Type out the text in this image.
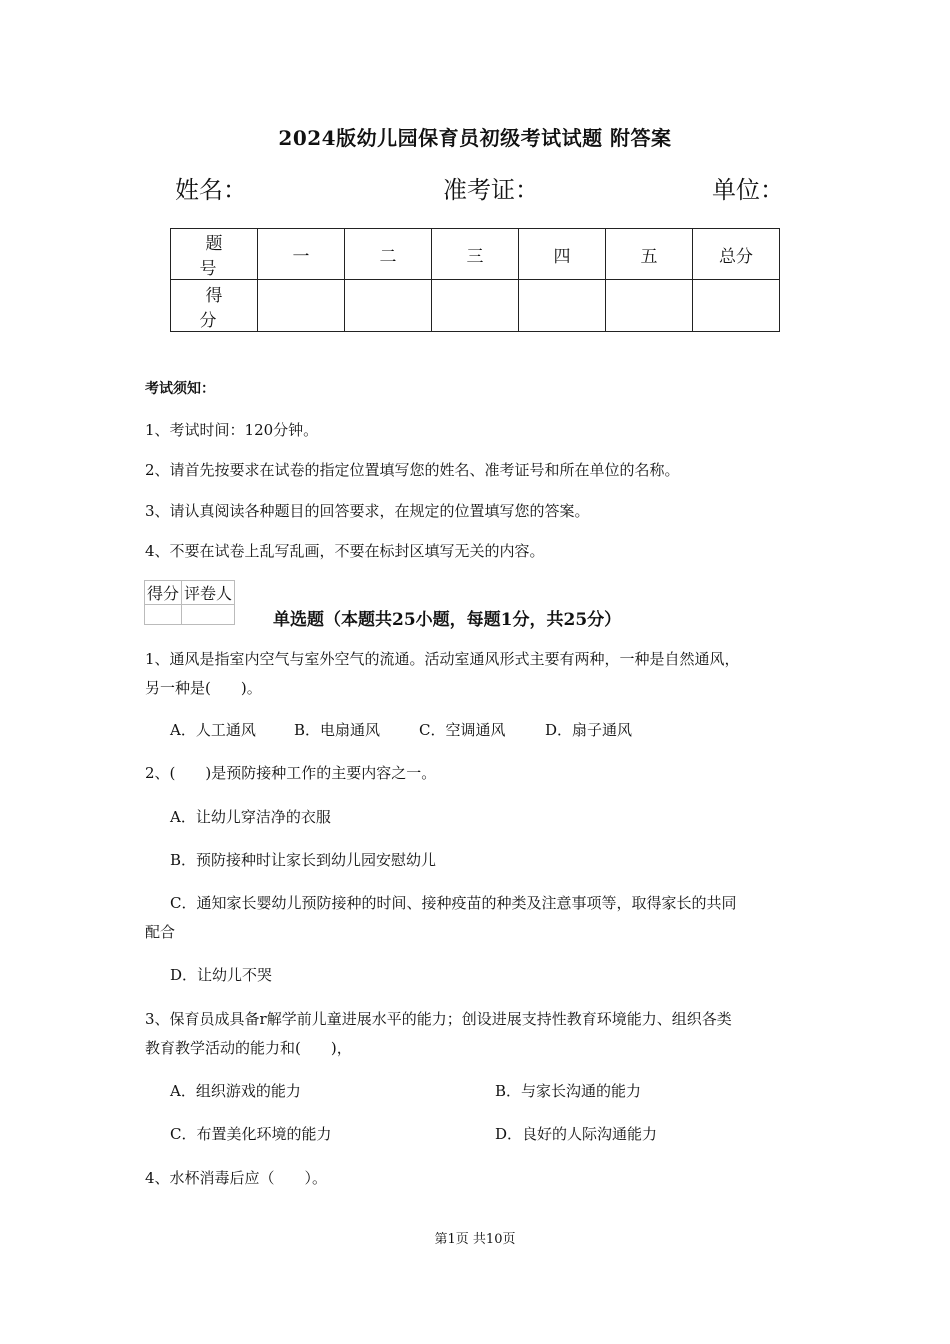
2024版幼儿园保育员初级考试试题 附答案
姓名：	准考证：	单位：
题　号	一	二	三	四	五	总分
得　分						
考试须知：
1、考试时间：120分钟。
2、请首先按要求在试卷的指定位置填写您的姓名、准考证号和所在单位的名称。
3、请认真阅读各种题目的回答要求，在规定的位置填写您的答案。
4、不要在试卷上乱写乱画，不要在标封区填写无关的内容。
得分	评卷人

单选题（本题共25小题，每题1分，共25分）
1、通风是指室内空气与室外空气的流通。活动室通风形式主要有两种，一种是自然通风，
另一种是(　　)。
A．人工通风	B．电扇通风	C．空调通风	D．扇子通风
2、(　　)是预防接种工作的主要内容之一。
A．让幼儿穿洁净的衣服
B．预防接种时让家长到幼儿园安慰幼儿
C．通知家长婴幼儿预防接种的时间、接种疫苗的种类及注意事项等，取得家长的共同
配合
D．让幼儿不哭
3、保育员成具备r解学前儿童进展水平的能力；创设进展支持性教育环境能力、组织各类
教育教学活动的能力和(　　)，
A．组织游戏的能力	B．与家长沟通的能力
C．布置美化环境的能力	D．良好的人际沟通能力
4、水杯消毒后应（　　）。
第1页 共10页
